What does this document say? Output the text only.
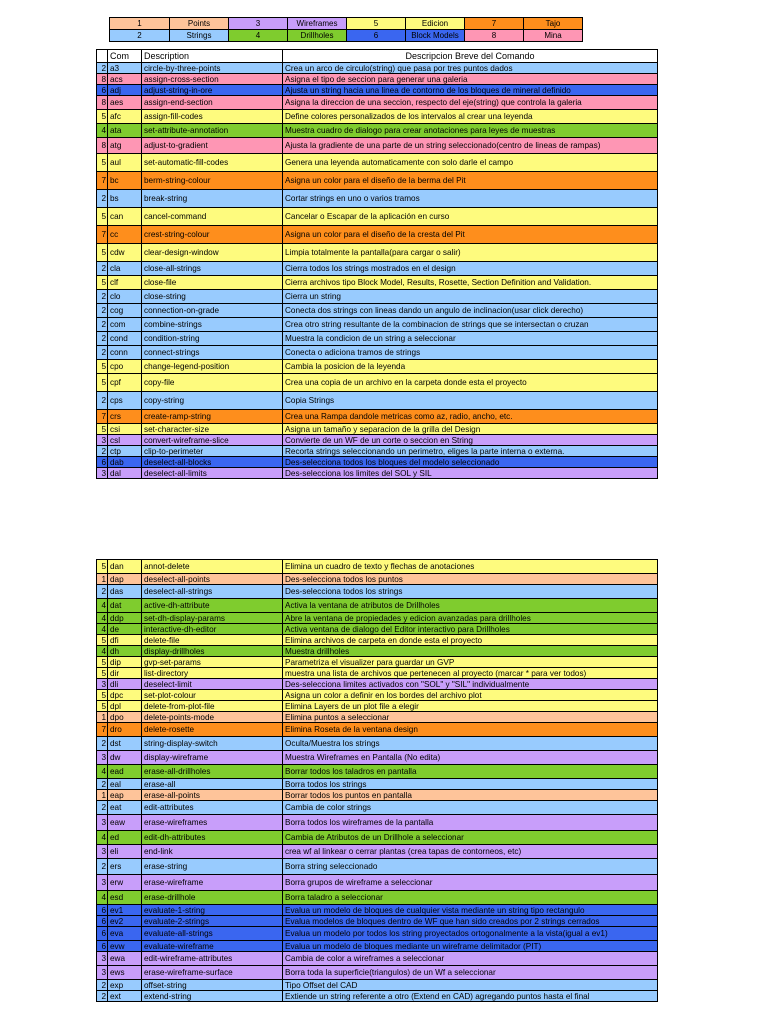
1	Points	3	Wireframes	5	Edicion	7	Tajo
2	Strings	4	Drillholes	6	Block Models	8	Mina
	Com	Description	Descripcion Breve del Comando
2	a3	circle-by-three-points	Crea un arco de circulo(string) que pasa por tres puntos dados
8	acs	assign-cross-section	Asigna el tipo de seccion para generar una galeria
6	adj	adjust-string-in-ore	Ajusta un string hacia una linea de contorno de los bloques de mineral definido
8	aes	assign-end-section	Asigna la direccion de una seccion, respecto del eje(string) que controla la galeria
5	afc	assign-fill-codes	Define colores personalizados de los intervalos al crear una leyenda
4	ata	set-attribute-annotation	Muestra cuadro de dialogo para crear anotaciones para leyes de muestras
8	atg	adjust-to-gradient	Ajusta la gradiente de una parte de un string seleccionado(centro de lineas de rampas)
5	aul	set-automatic-fill-codes	Genera una leyenda automaticamente con solo darle el campo
7	bc	berm-string-colour	Asigna un color para el diseño de la berma del Pit
2	bs	break-string	Cortar strings en uno o varios tramos
5	can	cancel-command	Cancelar o Escapar de la aplicación en curso
7	cc	crest-string-colour	Asigna un color para el diseño de la cresta del Pit
5	cdw	clear-design-window	Limpia totalmente la pantalla(para cargar o salir)
2	cla	close-all-strings	Cierra todos los strings mostrados en el design
5	clf	close-file	Cierra archivos tipo Block Model, Results, Rosette, Section Definition and Validation.
2	clo	close-string	Cierra un string
2	cog	connection-on-grade	Conecta dos strings con lineas dando un angulo de inclinacion(usar click derecho)
2	com	combine-strings	Crea otro string resultante de la combinacion de strings que se intersectan o cruzan
2	cond	condition-string	Muestra la condicion de un string a seleccionar
2	conn	connect-strings	Conecta o adiciona tramos de strings
5	cpo	change-legend-position	Cambia la posicion de la leyenda
5	cpf	copy-file	Crea una copia de un archivo en la carpeta donde esta el proyecto
2	cps	copy-string	Copia Strings
7	crs	create-ramp-string	Crea una Rampa dandole metricas como az, radio, ancho, etc.
5	csi	set-character-size	Asigna un tamaño y separacion de la grilla del Design
3	csl	convert-wireframe-slice	Convierte de un WF de un corte o seccion en String
2	ctp	clip-to-perimeter	Recorta strings seleccionando un perimetro, eliges la parte interna o externa.
6	dab	deselect-all-blocks	Des-selecciona todos los bloques del modelo seleccionado
3	dal	deselect-all-limits	Des-selecciona los limites del SOL y SIL
5	dan	annot-delete	Elimina un cuadro de texto y flechas de anotaciones
1	dap	deselect-all-points	Des-selecciona todos los puntos
2	das	deselect-all-strings	Des-selecciona todos los strings
4	dat	active-dh-attribute	Activa la ventana de atributos de Drillholes
4	ddp	set-dh-display-params	Abre la ventana de propiedades y edicion avanzadas para drillholes
4	de	interactive-dh-editor	Activa ventana de dialogo del Editor interactivo para Drillholes
5	dfi	delete-file	Elimina archivos de carpeta en donde esta el proyecto
4	dh	display-drillholes	Muestra drillholes
5	dip	gvp-set-params	Parametriza el visualizer para guardar un GVP
5	dir	list-directory	muestra una lista de archivos que pertenecen al proyecto (marcar * para ver todos)
3	dli	deselect-limit	Des-selecciona limites activados con "SOL" y "SIL" individualmente
5	dpc	set-plot-colour	Asigna un color a definir en los bordes del archivo plot
5	dpl	delete-from-plot-file	Elimina Layers de un plot file a elegir
1	dpo	delete-points-mode	Elimina puntos a seleccionar
7	dro	delete-rosette	Elimina Roseta de la ventana design
2	dst	string-display-switch	Oculta/Muestra los strings
3	dw	display-wireframe	Muestra Wireframes en Pantalla (No edita)
4	ead	erase-all-drillholes	Borrar todos los taladros en pantalla
2	eal	erase-all	Borra todos los strings
1	eap	erase-all-points	Borrar todos los puntos en pantalla
2	eat	edit-attributes	Cambia de color strings
3	eaw	erase-wireframes	Borra todos los wireframes de la pantalla
4	ed	edit-dh-attributes	Cambia de Atributos de un Drillhole a seleccionar
3	eli	end-link	crea wf al linkear o cerrar plantas (crea tapas de contorneos, etc)
2	ers	erase-string	Borra string seleccionado
3	erw	erase-wireframe	Borra grupos de wireframe a seleccionar
4	esd	erase-drillhole	Borra taladro a seleccionar
6	ev1	evaluate-1-string	Evalua un modelo de bloques de cualquier vista mediante un string tipo rectangulo
6	ev2	evaluate-2-strings	Evalua modelos de bloques dentro de WF que han sido creados por 2 strings cerrados
6	eva	evaluate-all-strings	Evalua un modelo por todos los string proyectados ortogonalmente a la vista(igual a ev1)
6	evw	evaluate-wireframe	Evalua un modelo de bloques mediante un wireframe delimitador (PIT)
3	ewa	edit-wireframe-attributes	Cambia de color a wireframes a seleccionar
3	ews	erase-wireframe-surface	Borra toda la superficie(triangulos) de un Wf a seleccionar
2	exp	offset-string	Tipo Offset del CAD
2	ext	extend-string	Extiende un string referente a otro (Extend en CAD) agregando puntos hasta el final
